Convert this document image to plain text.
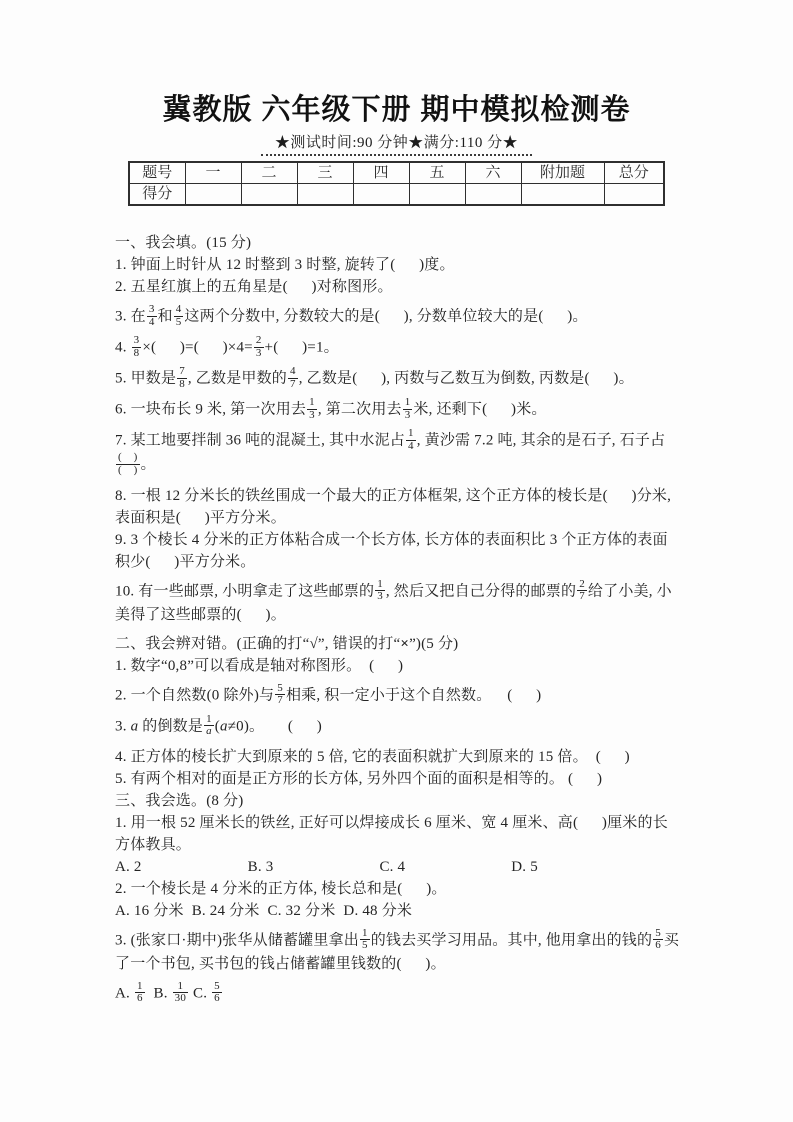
冀教版 六年级下册 期中模拟检测卷
★测试时间:90 分钟★满分:110 分★
题号	一	二	三	四	五	六	附加题	总分
得分								

一、我会填。(15 分)

1. 钟面上时针从 12 时整到 3 时整, 旋转了(      )度。

2. 五星红旗上的五角星是(      )对称图形。

3. 在 $\frac{3}{4}$ 和 $\frac{4}{5}$ 这两个分数中, 分数较大的是(      ), 分数单位较大的是(      )。

4. $\frac{3}{8}$ ×(      )=(      )$\times 4= \frac{2}{3}$ +(      )=1。

5. 甲数是 $\frac{7}{8}$ , 乙数是甲数的 $\frac{4}{7}$ , 乙数是(      ), 丙数与乙数互为倒数, 丙数是(      )。

6. 一块布长 9 米, 第一次用去 $\frac{1}{3}$ , 第二次用去 $\frac{1}{3}$ 米, 还剩下(      )米。

7. 某工地要拌制 36 吨的混凝土, 其中水泥占 $\frac{1}{4}$ , 黄沙需 7.2 吨, 其余的是石子, 石子占
$\frac{( )}{( )}$ 。

8. 一根 12 分米长的铁丝围成一个最大的正方体框架, 这个正方体的棱长是(      )分米, 表面积是(      )平方分米。

9. 3 个棱长 4 分米的正方体粘合成一个长方体, 长方体的表面积比 3 个正方体的表面积少(      )平方分米。

10. 有一些邮票, 小明拿走了这些邮票的 $\frac{1}{3}$ , 然后又把自己分得的邮票的 $\frac{2}{7}$ 给了小美, 小美得了这些邮票的(      )。

二、我会辨对错。(正确的打“√”, 错误的打“×”)(5 分)

1. 数字“0,8”可以看成是轴对称图形。  (      )

2. 一个自然数(0 除外)与 $\frac{5}{7}$ 相乘, 积一定小于这个自然数。    (      )

3. a 的倒数是 $\frac{1}{a} (a\ne 0)$。      (      )

4. 正方体的棱长扩大到原来的 5 倍, 它的表面积就扩大到原来的 15 倍。  (      )

5. 有两个相对的面是正方形的长方体, 另外四个面的面积是相等的。 (      )

三、我会选。(8 分)

1. 用一根 52 厘米长的铁丝, 正好可以焊接成长 6 厘米、宽 4 厘米、高(      )厘米的长方体教具。

A. 2	B. 3	C. 4	D. 5

2. 一个棱长是 4 分米的正方体, 棱长总和是(      )。

A. 16 分米 B. 24 分米 C. 32 分米 D. 48 分米

3. (张家口·期中)张华从储蓄罐里拿出 $\frac{1}{5}$ 的钱去买学习用品。其中, 他用拿出的钱的 $\frac{5}{6}$ 买了一个书包, 买书包的钱占储蓄罐里钱数的(      )。

A. $\frac{1}{6} B$. $\frac{1}{30} C$. $\frac{5}{6}$
